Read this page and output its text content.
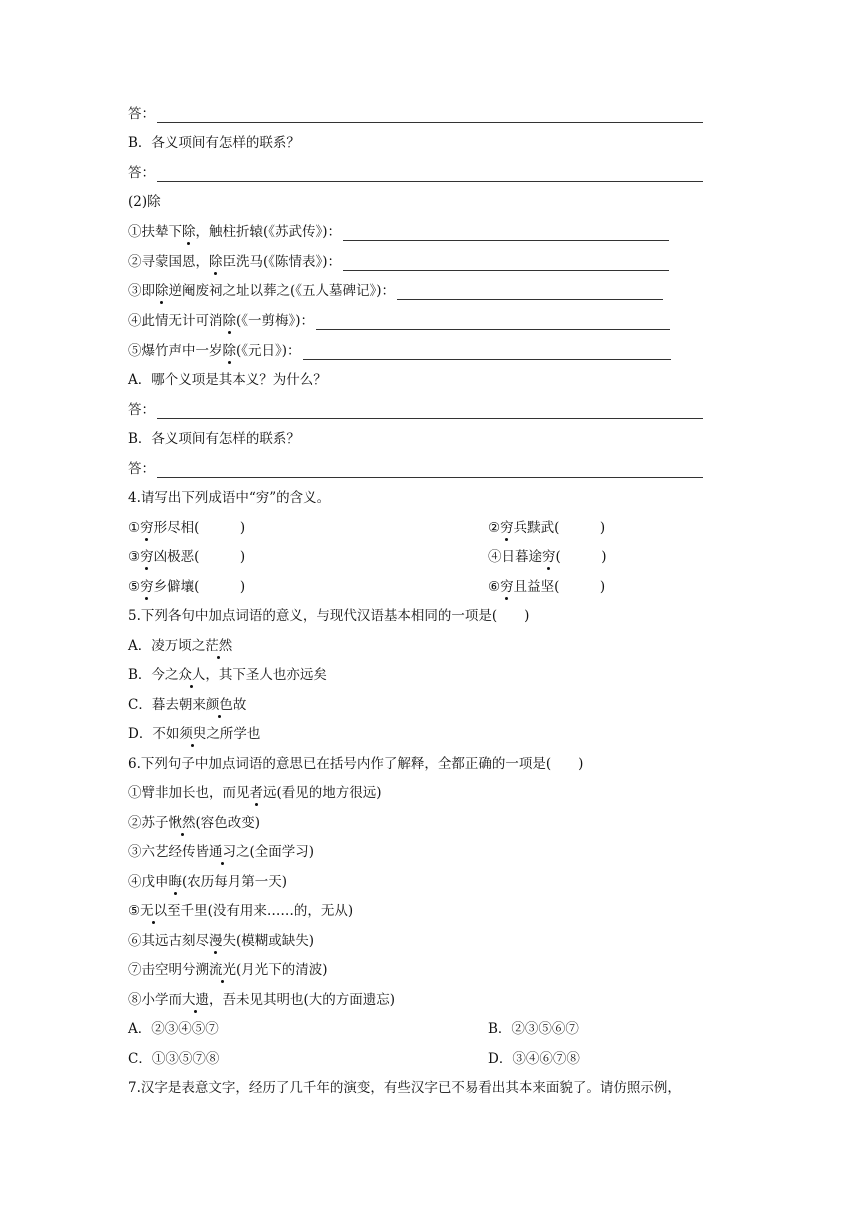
答：
B．各义项间有怎样的联系？
答：
(2)除
①扶辇下 除 ，触柱折辕(《苏武传》)：
②寻蒙国恩， 除 臣洗马(《陈情表》)：
③即 除 逆阉废祠之址以葬之(《五人墓碑记》)：
④此情无计可消 除 (《一剪梅》)：
⑤爆竹声中一岁 除 (《元日》)：
A．哪个义项是其本义？为什么？
答：
B．各义项间有怎样的联系？
答：
4.请写出下列成语中“穷”的含义。
①穷形尽相(　　　)	②穷兵黩武(　　　)
③穷凶极恶(　　　)	④日暮途穷(　　　)
⑤穷乡僻壤(　　　)	⑥穷且益坚(　　　)
5.下列各句中加点词语的意义，与现代汉语基本相同的一项是(　　)
A．凌万顷之 茫然
B．今之 众人 ，其下圣人也亦远矣
C．暮去朝来 颜色 故
D．不如 须臾 之所学也
6.下列句子中加点词语的意思已在括号内作了解释，全都正确的一项是(　　)
①臂非加长也，而 见者远 (看见的地方很远)
②苏子 愀然 (容色改变)
③六艺经传皆 通习 之(全面学习)
④戊申 晦 (农历每月第一天)
⑤ 无以 至千里(没有用来……的，无从)
⑥其远古刻尽 漫 失(模糊或缺失)
⑦击空明兮溯 流光 (月光下的清波)
⑧小学而 大遗 ，吾未见其明也(大的方面遗忘)
A．②③④⑤⑦	B．②③⑤⑥⑦
C．①③⑤⑦⑧	D．③④⑥⑦⑧
7.汉字是表意文字，经历了几千年的演变，有些汉字已不易看出其本来面貌了。请仿照示例，
